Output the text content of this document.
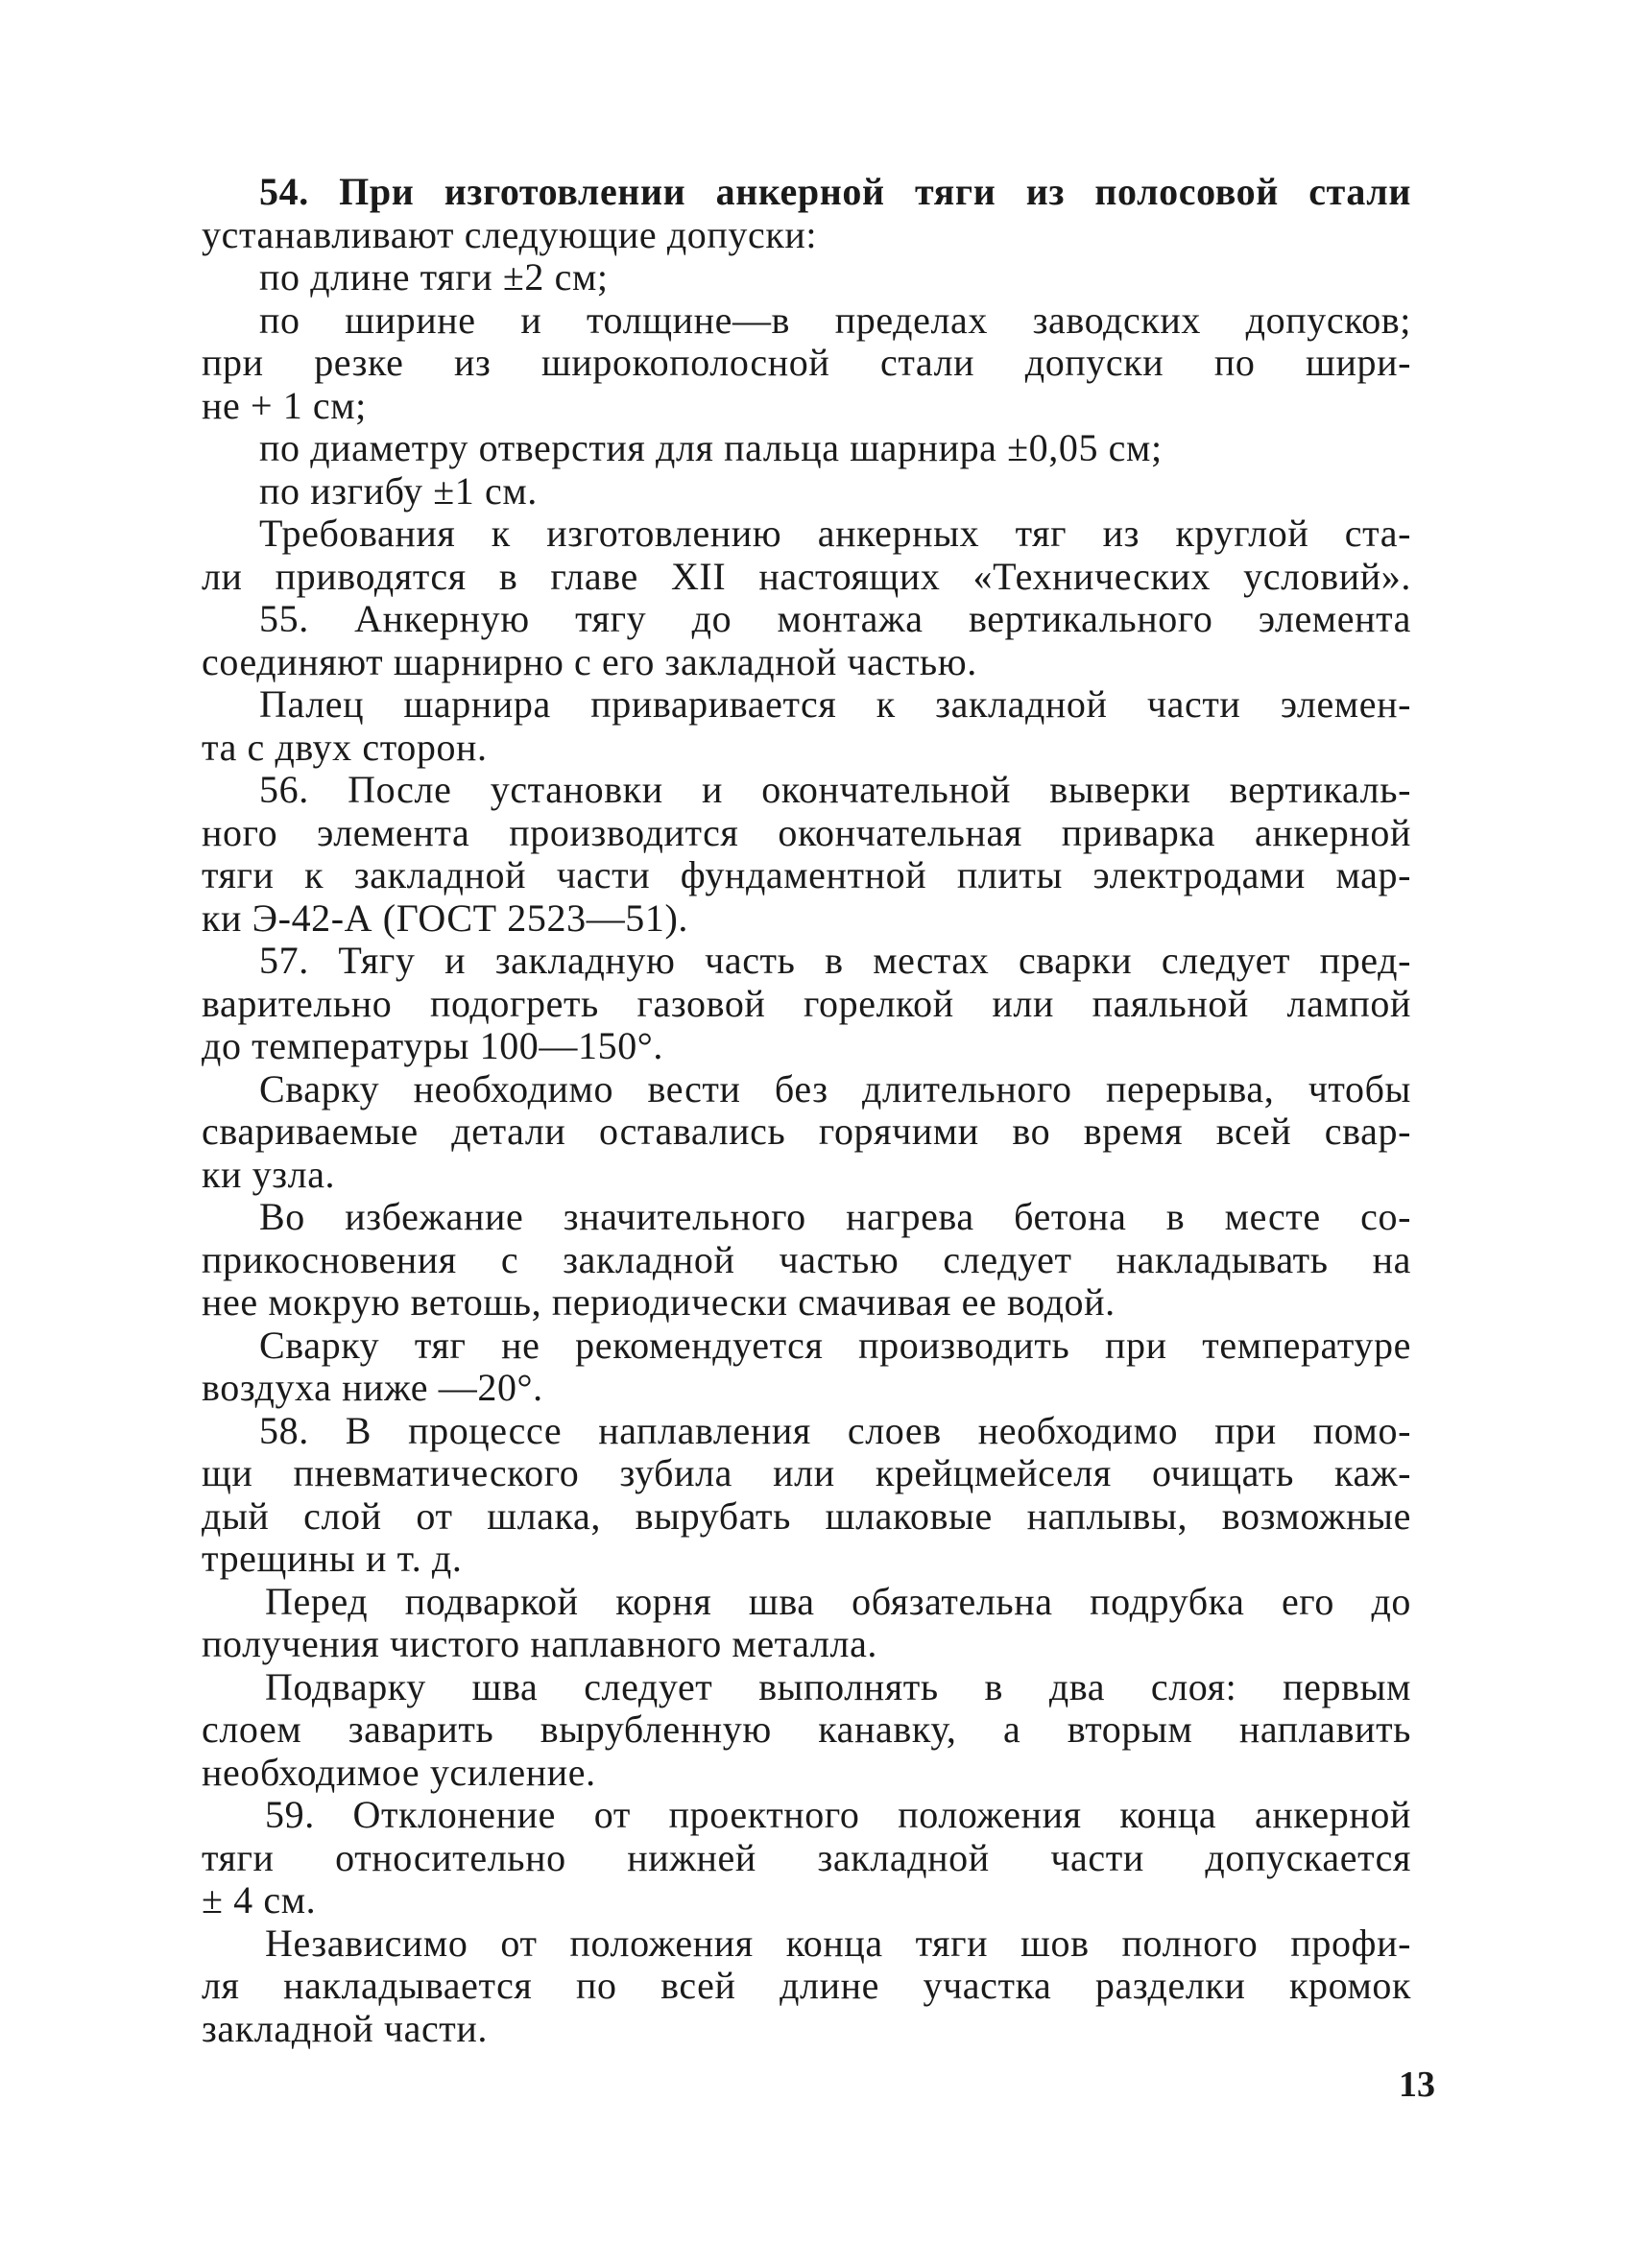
54. При изготовлении анкерной тяги из полосовой стали
устанавливают следующие допуски:
по длине тяги ±2 см;
по ширине и толщине—в пределах заводских допусков;
при резке из широкополосной стали допуски по шири-
не + 1 см;
по диаметру отверстия для пальца шарнира ±0,05 см;
по изгибу ±1 см.
Требования к изготовлению анкерных тяг из круглой ста-
ли приводятся в главе XII настоящих «Технических условий».
55. Анкерную тягу до монтажа вертикального элемента
соединяют шарнирно с его закладной частью.
Палец шарнира приваривается к закладной части элемен-
та с двух сторон.
56. После установки и окончательной выверки вертикаль-
ного элемента производится окончательная приварка анкерной
тяги к закладной части фундаментной плиты электродами мар-
ки Э-42-А (ГОСТ 2523—51).
57. Тягу и закладную часть в местах сварки следует пред-
варительно подогреть газовой горелкой или паяльной лампой
до температуры 100—150°.
Сварку необходимо вести без длительного перерыва, чтобы
свариваемые детали оставались горячими во время всей свар-
ки узла.
Во избежание значительного нагрева бетона в месте со-
прикосновения с закладной частью следует накладывать на
нее мокрую ветошь, периодически смачивая ее водой.
Сварку тяг не рекомендуется производить при температуре
воздуха ниже —20°.
58. В процессе наплавления слоев необходимо при помо-
щи пневматического зубила или крейцмейселя очищать каж-
дый слой от шлака, вырубать шлаковые наплывы, возможные
трещины и т. д.
Перед подваркой корня шва обязательна подрубка его до
получения чистого наплавного металла.
Подварку шва следует выполнять в два слоя: первым
слоем заварить вырубленную канавку, а вторым наплавить
необходимое усиление.
59. Отклонение от проектного положения конца анкерной
тяги относительно нижней закладной части допускается
± 4 см.
Независимо от положения конца тяги шов полного профи-
ля накладывается по всей длине участка разделки кромок
закладной части.
13
